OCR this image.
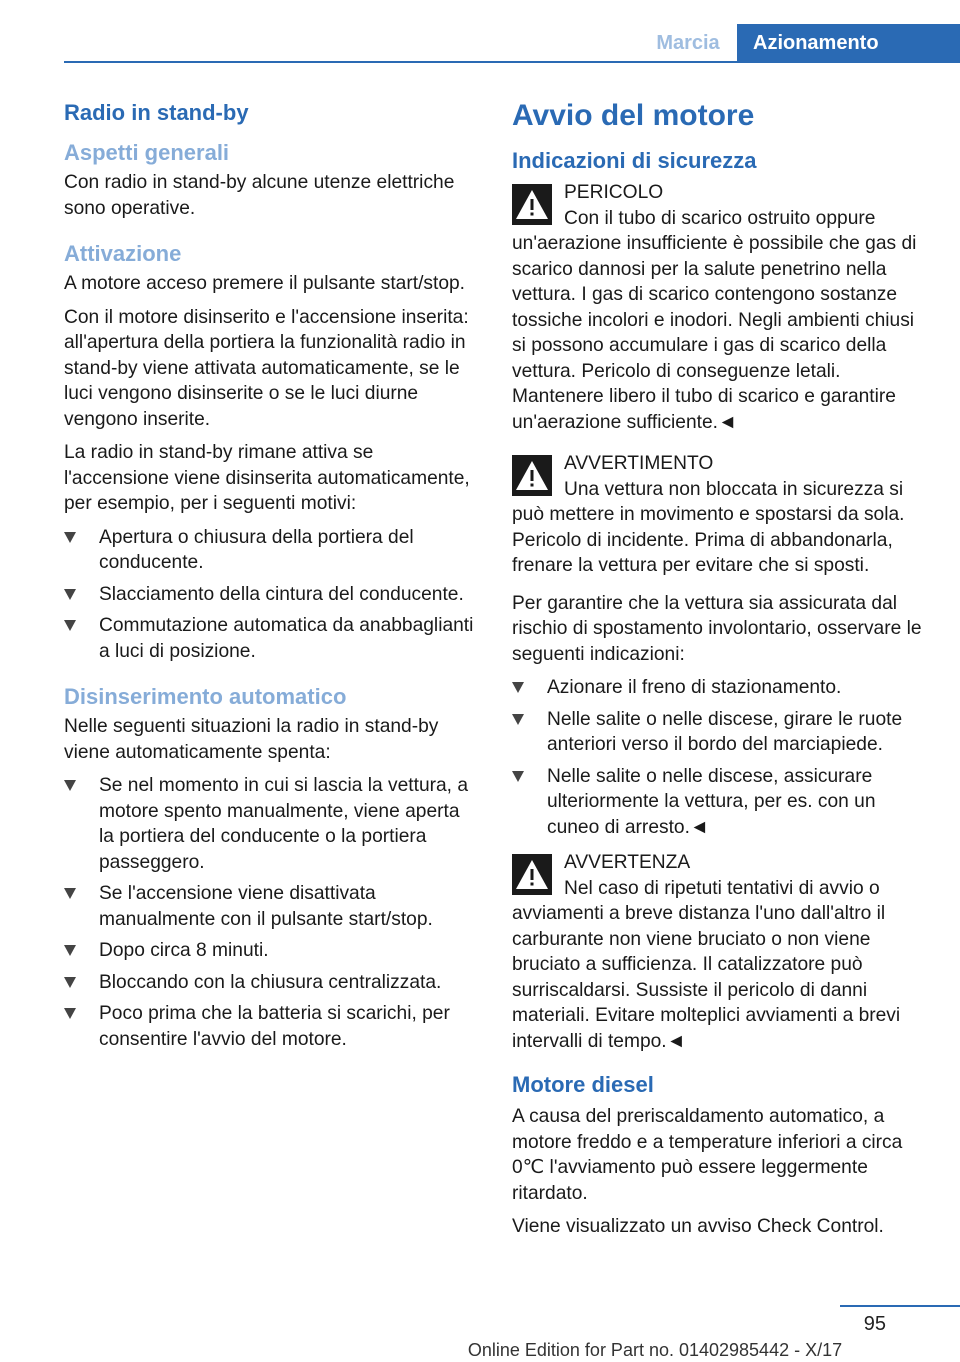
Marcia	Azionamento
Radio in stand-by
Aspetti generali

Con radio in stand-by alcune utenze elettriche sono operative.

Attivazione

A motore acceso premere il pulsante start/stop.

Con il motore disinserito e l'accensione inserita: all'apertura della portiera la funzionalità radio in stand-by viene attivata automaticamente, se le luci vengono disinserite o se le luci diurne vengono inserite.

La radio in stand-by rimane attiva se l'accensione viene disinserita automaticamente, per esempio, per i seguenti motivi:

Apertura o chiusura della portiera del conducente.
Slacciamento della cintura del conducente.
Commutazione automatica da anabbaglianti a luci di posizione.
Disinserimento automatico

Nelle seguenti situazioni la radio in stand-by viene automaticamente spenta:

Se nel momento in cui si lascia la vettura, a motore spento manualmente, viene aperta la portiera del conducente o la portiera passeggero.
Se l'accensione viene disattivata manualmente con il pulsante start/stop.
Dopo circa 8 minuti.
Bloccando con la chiusura centralizzata.
Poco prima che la batteria si scarichi, per consentire l'avvio del motore.
Avvio del motore
Indicazioni di sicurezza
PERICOLO
Con il tubo di scarico ostruito oppure un'aerazione insufficiente è possibile che gas di scarico dannosi per la salute penetrino nella vettura. I gas di scarico contengono sostanze tossiche incolori e inodori. Negli ambienti chiusi si possono accumulare i gas di scarico della vettura. Pericolo di conseguenze letali. Mantenere libero il tubo di scarico e garantire un'aerazione sufficiente.◄
AVVERTIMENTO
Una vettura non bloccata in sicurezza si può mettere in movimento e spostarsi da sola. Pericolo di incidente. Prima di abbandonarla, frenare la vettura per evitare che si sposti.

Per garantire che la vettura sia assicurata dal rischio di spostamento involontario, osservare le seguenti indicazioni:

Azionare il freno di stazionamento.
Nelle salite o nelle discese, girare le ruote anteriori verso il bordo del marciapiede.
Nelle salite o nelle discese, assicurare ulteriormente la vettura, per es. con un cuneo di arresto.◄
AVVERTENZA
Nel caso di ripetuti tentativi di avvio o avviamenti a breve distanza l'uno dall'altro il carburante non viene bruciato o non viene bruciato a sufficienza. Il catalizzatore può surriscaldarsi. Sussiste il pericolo di danni materiali. Evitare molteplici avviamenti a brevi intervalli di tempo.◄
Motore diesel

A causa del preriscaldamento automatico, a motore freddo e a temperature inferiori a circa 0℃ l'avviamento può essere leggermente ritardato.

Viene visualizzato un avviso Check Control.

95
Online Edition for Part no. 01402985442 - X/17
